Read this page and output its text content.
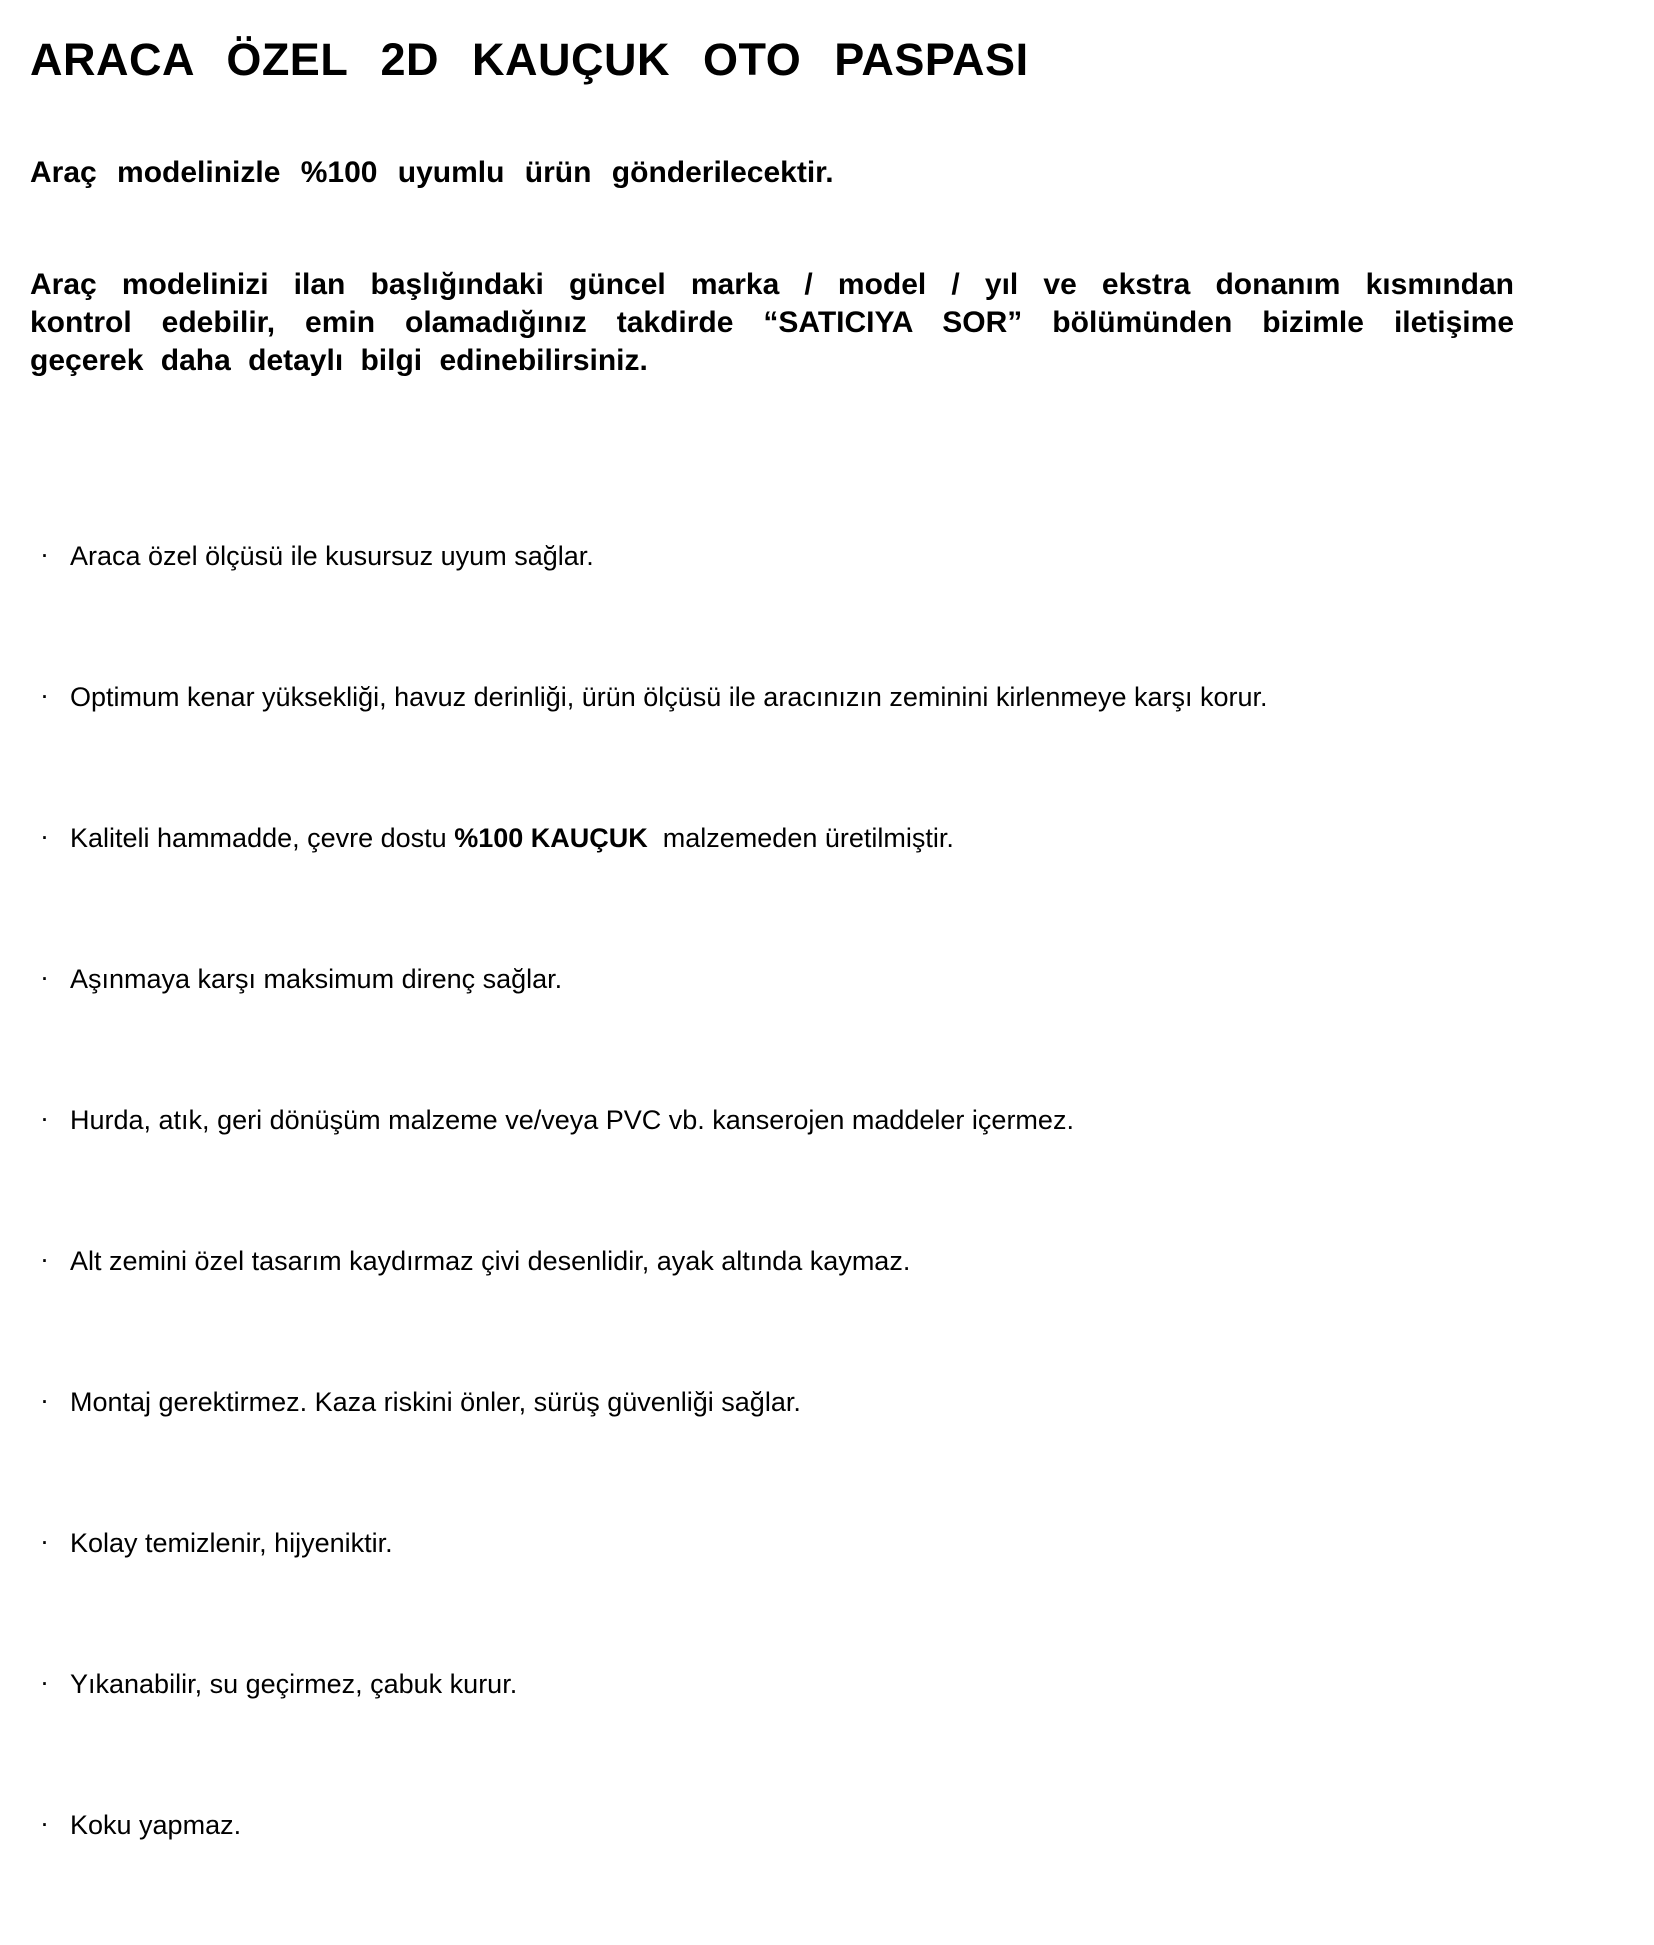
ARACA ÖZEL 2D KAUÇUK OTO PASPASI

Araç modelinizle %100 uyumlu ürün gönderilecektir.

Araç modelinizi ilan başlığındaki güncel marka / model / yıl ve ekstra donanım kısmından
kontrol edebilir, emin olamadığınız takdirde “SATICIYA SOR” bölümünden bizimle iletişime
geçerek daha detaylı bilgi edinebilirsiniz.
· Araca özel ölçüsü ile kusursuz uyum sağlar.
· Optimum kenar yüksekliği, havuz derinliği, ürün ölçüsü ile aracınızın zeminini kirlenmeye karşı korur.
· Kaliteli hammadde, çevre dostu %100 KAUÇUK  malzemeden üretilmiştir.
· Aşınmaya karşı maksimum direnç sağlar.
· Hurda, atık, geri dönüşüm malzeme ve/veya PVC vb. kanserojen maddeler içermez.
· Alt zemini özel tasarım kaydırmaz çivi desenlidir, ayak altında kaymaz.
· Montaj gerektirmez. Kaza riskini önler, sürüş güvenliği sağlar.
· Kolay temizlenir, hijyeniktir.
· Yıkanabilir, su geçirmez, çabuk kurur.
· Koku yapmaz.
